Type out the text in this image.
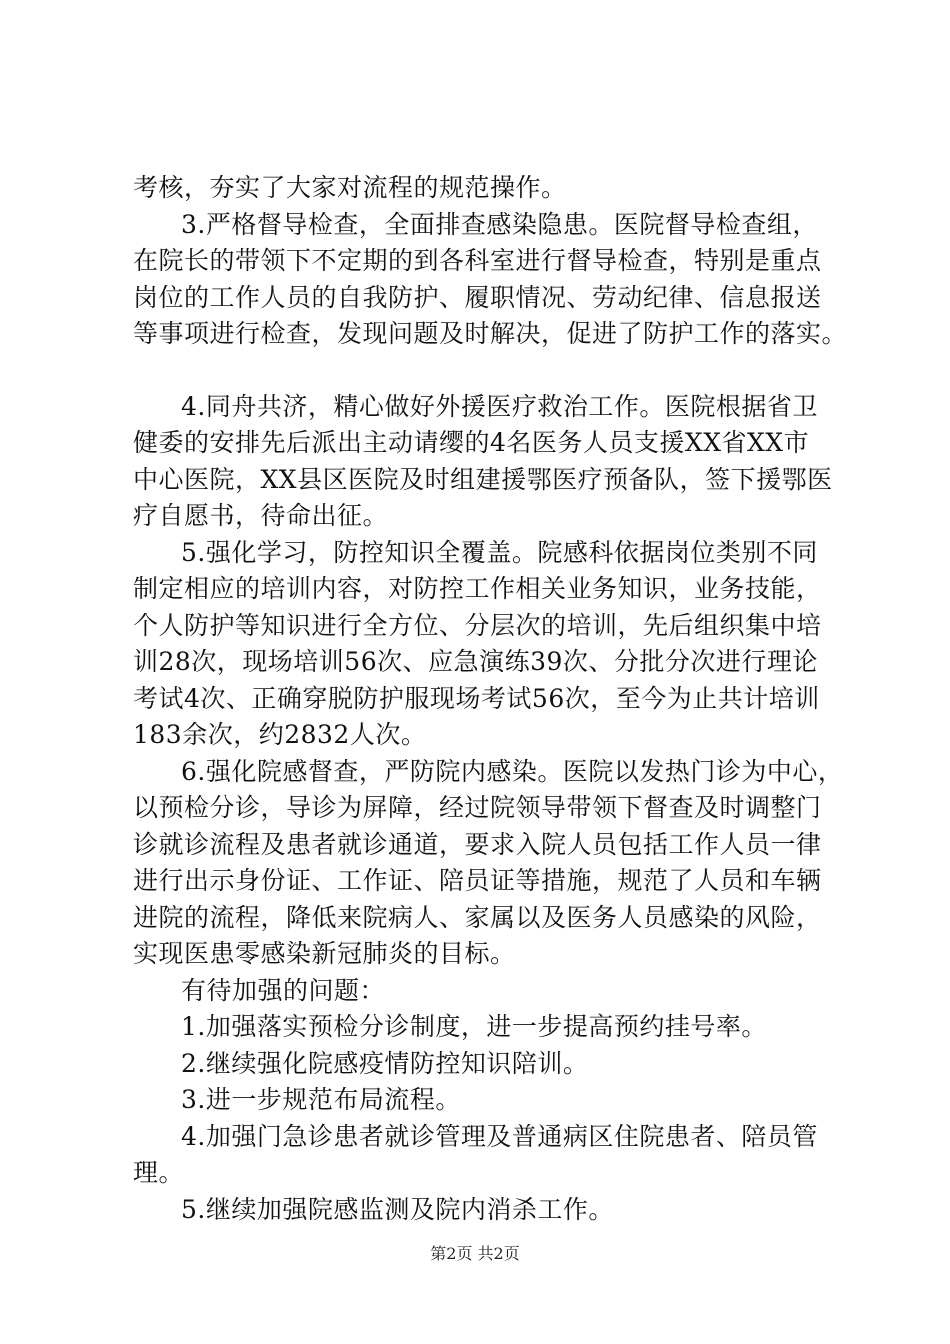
考核，夯实了大家对流程的规范操作。
3.严格督导检查，全面排查感染隐患。医院督导检查组，
在院长的带领下不定期的到各科室进行督导检查，特别是重点
岗位的工作人员的自我防护、履职情况、劳动纪律、信息报送
等事项进行检查，发现问题及时解决，促进了防护工作的落实。
4.同舟共济，精心做好外援医疗救治工作。医院根据省卫
健委的安排先后派出主动请缨的4名医务人员支援XX省XX市
中心医院，XX县区医院及时组建援鄂医疗预备队，签下援鄂医
疗自愿书，待命出征。
5.强化学习，防控知识全覆盖。院感科依据岗位类别不同
制定相应的培训内容，对防控工作相关业务知识，业务技能，
个人防护等知识进行全方位、分层次的培训，先后组织集中培
训28次，现场培训56次、应急演练39次、分批分次进行理论
考试4次、正确穿脱防护服现场考试56次，至今为止共计培训
183余次，约2832人次。
6.强化院感督查，严防院内感染。医院以发热门诊为中心，
以预检分诊，导诊为屏障，经过院领导带领下督查及时调整门
诊就诊流程及患者就诊通道，要求入院人员包括工作人员一律
进行出示身份证、工作证、陪员证等措施，规范了人员和车辆
进院的流程，降低来院病人、家属以及医务人员感染的风险，
实现医患零感染新冠肺炎的目标。
有待加强的问题：
1.加强落实预检分诊制度，进一步提高预约挂号率。
2.继续强化院感疫情防控知识陪训。
3.进一步规范布局流程。
4.加强门急诊患者就诊管理及普通病区住院患者、陪员管
理。
5.继续加强院感监测及院内消杀工作。
第2页 共2页
